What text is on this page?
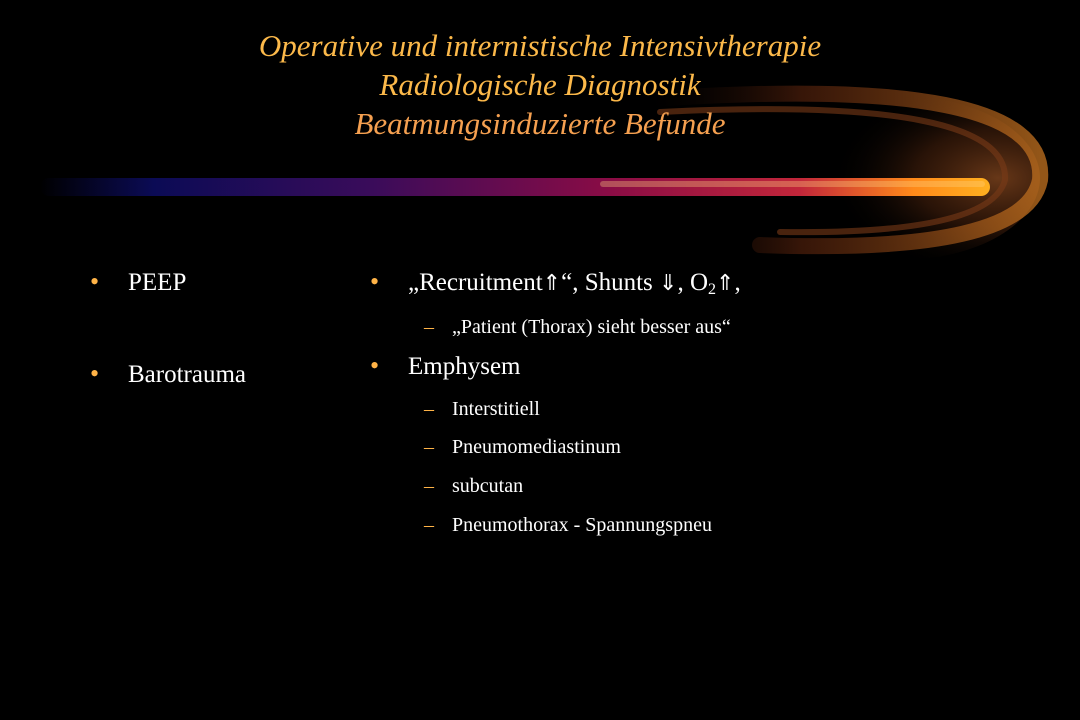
Operative und internistische Intensivtherapie
Radiologische Diagnostik
Beatmungsinduzierte Befunde
• PEEP
• Barotrauma
• „Recruitment⇑“, Shunts ⇓, $O_2⇑$,
– „Patient (Thorax) sieht besser aus“
• Emphysem
– Interstitiell
– Pneumomediastinum
– subcutan
– Pneumothorax - Spannungspneu
